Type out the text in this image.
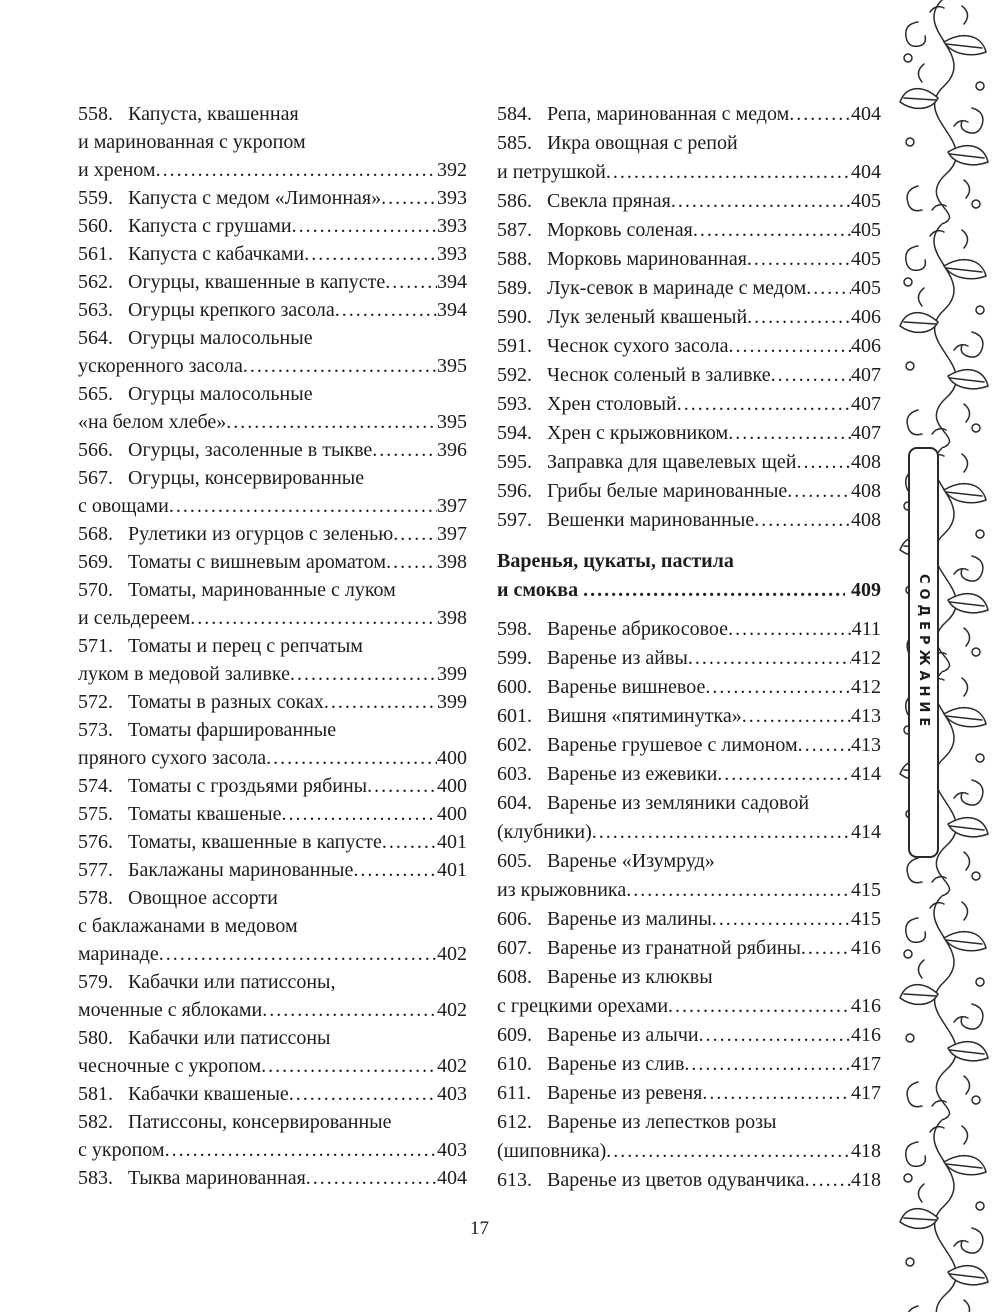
558. Капуста, квашенная
и маринованная с укропом
и хреном .....	392
559. Капуста с медом «Лимонная» .....	393
560. Капуста с грушами .....	393
561. Капуста с кабачками .....	393
562. Огурцы, квашенные в капусте .....	394
563. Огурцы крепкого засола .....	394
564. Огурцы малосольные
ускоренного засола .....	395
565. Огурцы малосольные
«на белом хлебе» .....	395
566. Огурцы, засоленные в тыкве .....	396
567. Огурцы, консервированные
с овощами .....	397
568. Рулетики из огурцов с зеленью ..... 397
569. Томаты с вишневым ароматом .....	398
570. Томаты, маринованные с луком
и сельдереем .....	398
571. Томаты и перец с репчатым
луком в медовой заливке .....	399
572. Томаты в разных соках .....	399
573. Томаты фаршированные
пряного сухого засола .....	400
574. Томаты с гроздьями рябины .....	400
575. Томаты квашеные .....	400
576. Томаты, квашенные в капусте .....	401
577. Баклажаны маринованные .....	401
578. Овощное ассорти
с баклажанами в медовом
маринаде .....	402
579. Кабачки или патиссоны,
моченные с яблоками .....	402
580. Кабачки или патиссоны
чесночные с укропом .....	402
581. Кабачки квашеные .....	403
582. Патиссоны, консервированные
с укропом .....	403
583. Тыква маринованная .....	404
584. Репа, маринованная с медом .....	404
585. Икра овощная с репой
и петрушкой .....	404
586. Свекла пряная .....	405
587. Морковь соленая .....	405
588. Морковь маринованная .....	405
589. Лук-севок в маринаде с медом ..... 405
590. Лук зеленый квашеный .....	406
591. Чеснок сухого засола .....	406
592. Чеснок соленый в заливке .....	407
593. Хрен столовый .....	407
594. Хрен с крыжовником .....	407
595. Заправка для щавелевых щей .....	408
596. Грибы белые маринованные .....	408
597. Вешенки маринованные .....	408
Варенья, цукаты, пастила
и смоква .....	409
598. Варенье абрикосовое .....	411
599. Варенье из айвы .....	412
600. Варенье вишневое .....	412
601. Вишня «пятиминутка» .....	413
602. Варенье грушевое с лимоном .....	413
603. Варенье из ежевики .....	414
604. Варенье из земляники садовой
(клубники) .....	414
605. Варенье «Изумруд»
из крыжовника .....	415
606. Варенье из малины .....	415
607. Варенье из гранатной рябины .....	416
608. Варенье из клюквы
с грецкими орехами .....	416
609. Варенье из алычи .....	416
610. Варенье из слив .....	417
611. Варенье из ревеня .....	417
612. Варенье из лепестков розы
(шиповника) .....	418
613. Варенье из цветов одуванчика ..... 418
17
СОДЕРЖАНИЕ
